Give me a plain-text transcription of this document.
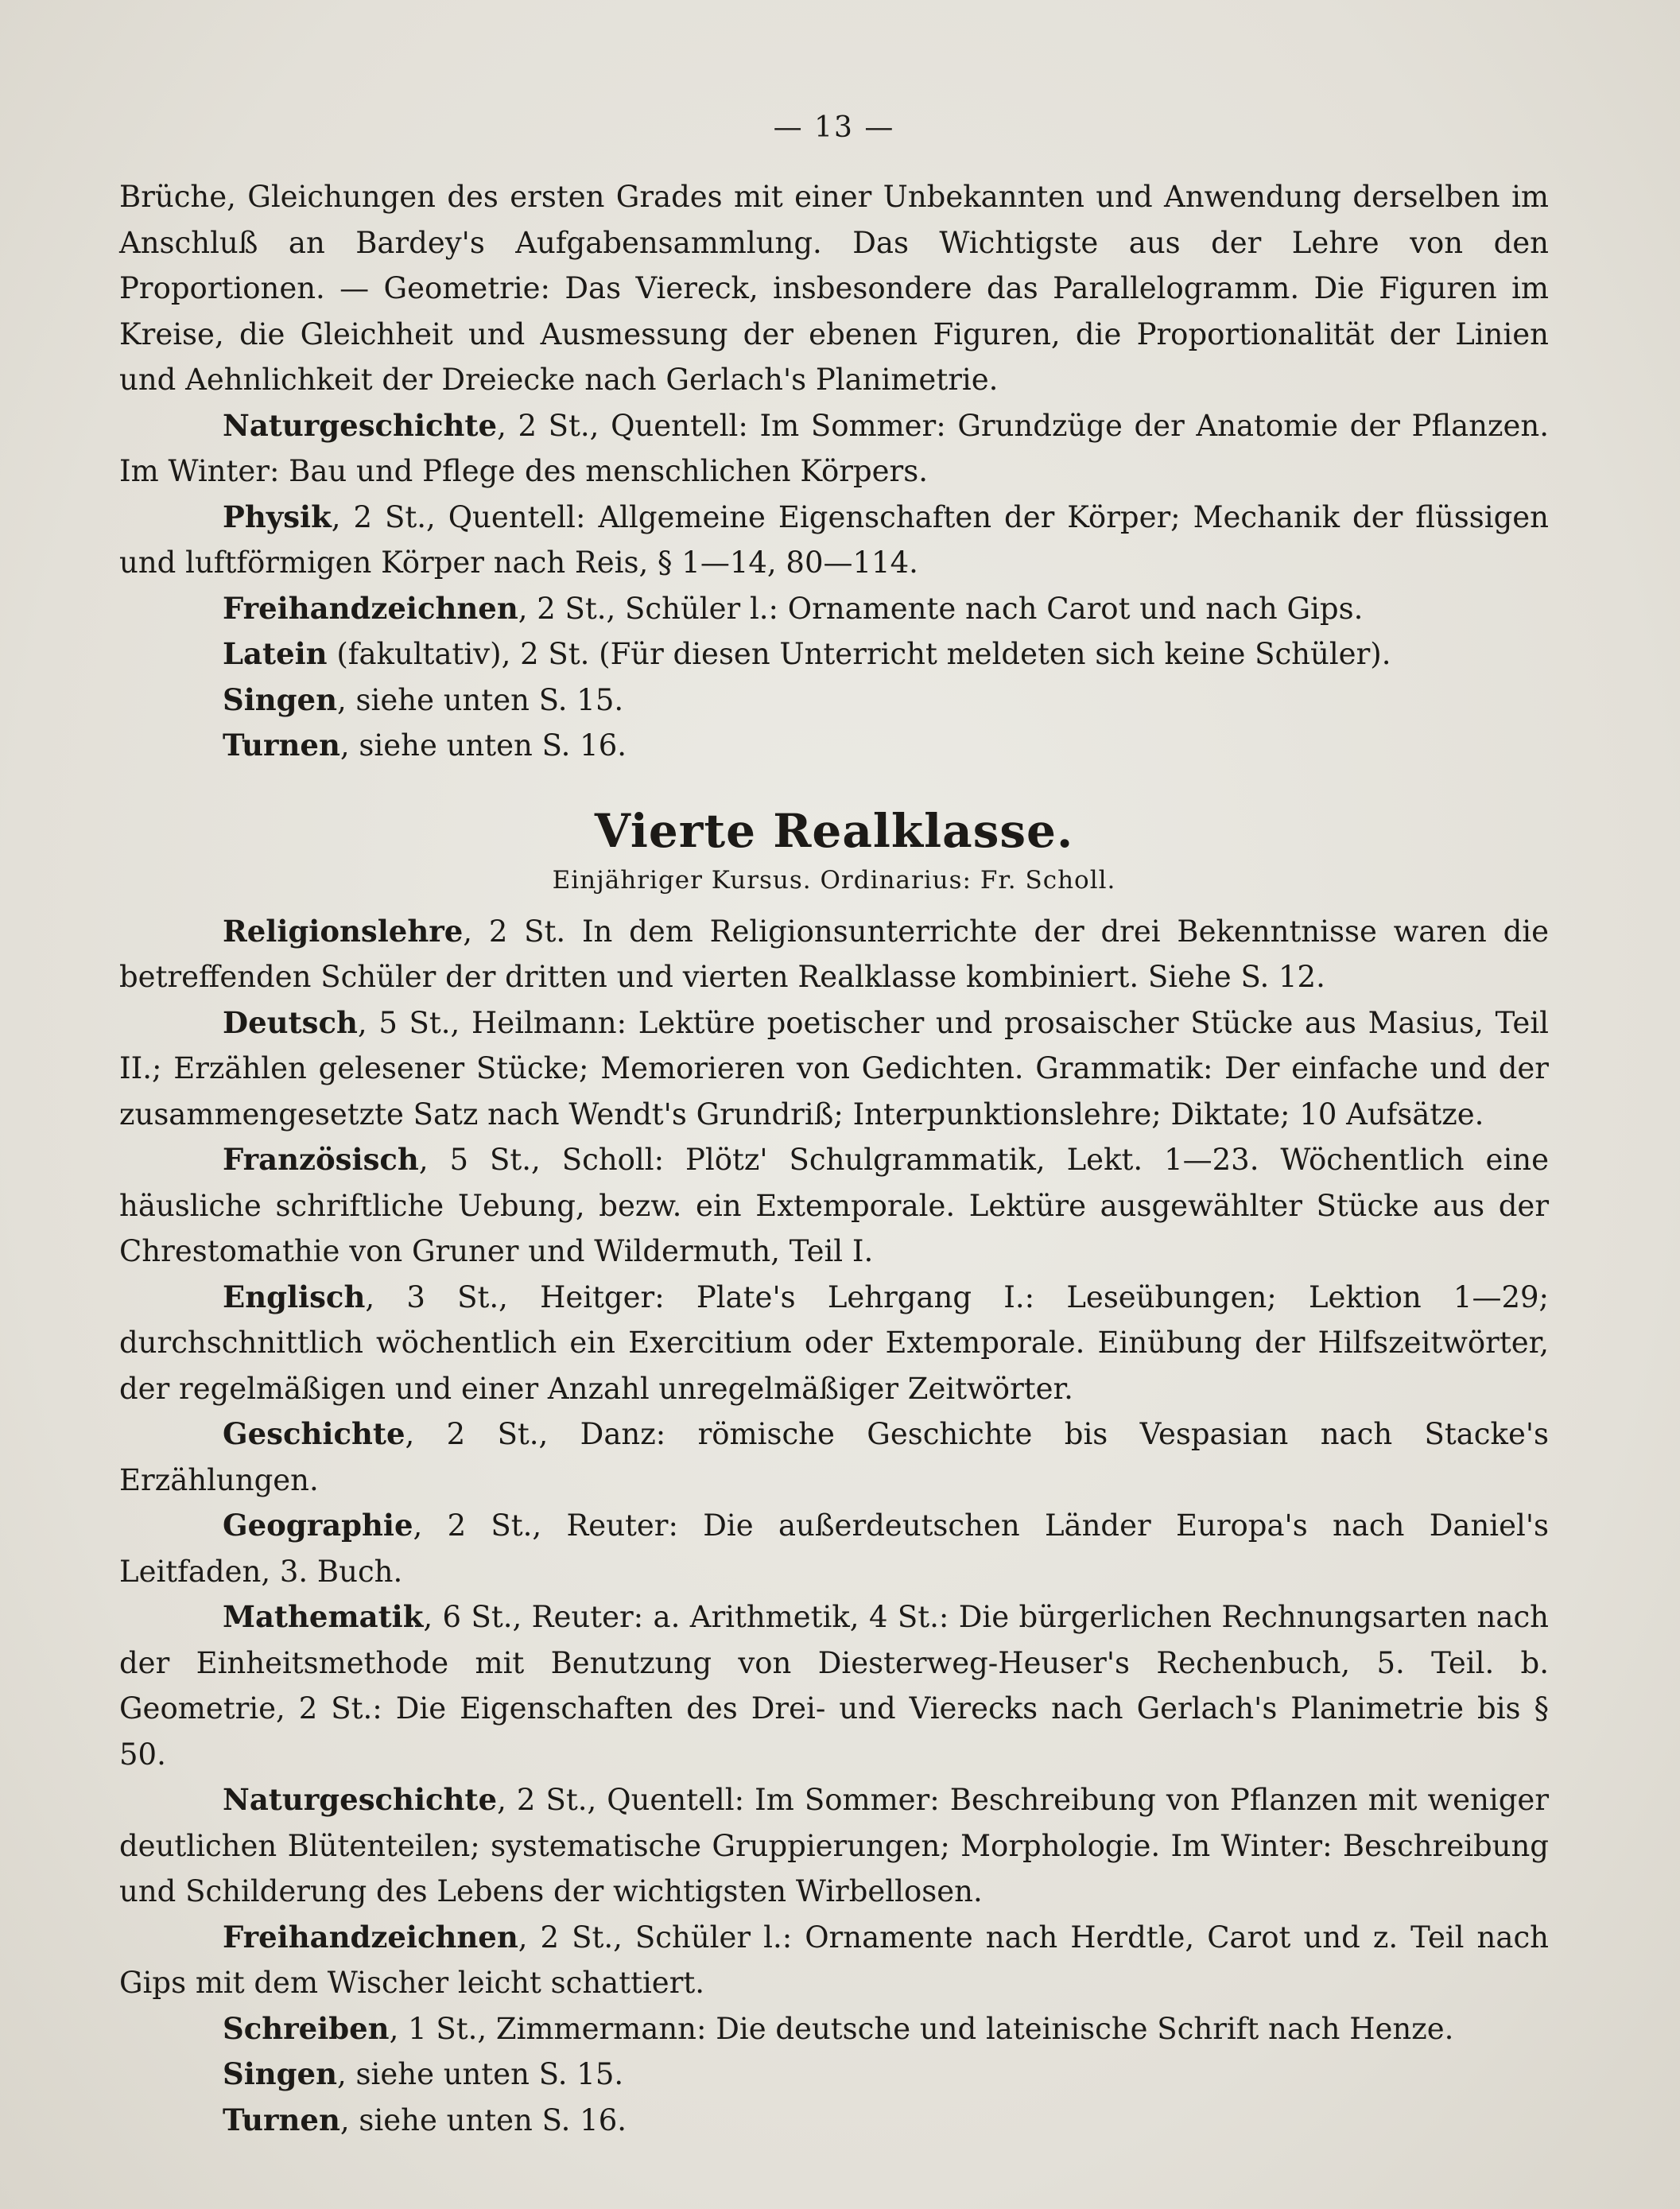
— 13 —

Brüche, Gleichungen des ersten Grades mit einer Unbekannten und Anwendung derselben im Anschluß an Bardey's Aufgabensammlung. Das Wichtigste aus der Lehre von den Proportionen. — Geometrie: Das Viereck, insbesondere das Parallelogramm. Die Figuren im Kreise, die Gleichheit und Ausmessung der ebenen Figuren, die Proportionalität der Linien und Aehnlichkeit der Dreiecke nach Gerlach's Planimetrie.

Naturgeschichte, 2 St., Quentell: Im Sommer: Grundzüge der Anatomie der Pflanzen. Im Winter: Bau und Pflege des menschlichen Körpers.

Physik, 2 St., Quentell: Allgemeine Eigenschaften der Körper; Mechanik der flüssigen und luftförmigen Körper nach Reis, § 1—14, 80—114.

Freihandzeichnen, 2 St., Schüler l.: Ornamente nach Carot und nach Gips.

Latein (fakultativ), 2 St. (Für diesen Unterricht meldeten sich keine Schüler).

Singen, siehe unten S. 15.

Turnen, siehe unten S. 16.

Vierte Realklasse.
Einjähriger Kursus. Ordinarius: Fr. Scholl.

Religionslehre, 2 St. In dem Religionsunterrichte der drei Bekenntnisse waren die betreffenden Schüler der dritten und vierten Realklasse kombiniert. Siehe S. 12.

Deutsch, 5 St., Heilmann: Lektüre poetischer und prosaischer Stücke aus Masius, Teil II.; Erzählen gelesener Stücke; Memorieren von Gedichten. Grammatik: Der einfache und der zusammengesetzte Satz nach Wendt's Grundriß; Interpunktionslehre; Diktate; 10 Aufsätze.

Französisch, 5 St., Scholl: Plötz' Schulgrammatik, Lekt. 1—23. Wöchentlich eine häusliche schriftliche Uebung, bezw. ein Extemporale. Lektüre ausgewählter Stücke aus der Chrestomathie von Gruner und Wildermuth, Teil I.

Englisch, 3 St., Heitger: Plate's Lehrgang I.: Leseübungen; Lektion 1—29; durchschnittlich wöchentlich ein Exercitium oder Extemporale. Einübung der Hilfszeitwörter, der regelmäßigen und einer Anzahl unregelmäßiger Zeitwörter.

Geschichte, 2 St., Danz: römische Geschichte bis Vespasian nach Stacke's Erzählungen.

Geographie, 2 St., Reuter: Die außerdeutschen Länder Europa's nach Daniel's Leitfaden, 3. Buch.

Mathematik, 6 St., Reuter: a. Arithmetik, 4 St.: Die bürgerlichen Rechnungsarten nach der Einheitsmethode mit Benutzung von Diesterweg-Heuser's Rechenbuch, 5. Teil. b. Geometrie, 2 St.: Die Eigenschaften des Drei- und Vierecks nach Gerlach's Planimetrie bis § 50.

Naturgeschichte, 2 St., Quentell: Im Sommer: Beschreibung von Pflanzen mit weniger deutlichen Blütenteilen; systematische Gruppierungen; Morphologie. Im Winter: Beschreibung und Schilderung des Lebens der wichtigsten Wirbellosen.

Freihandzeichnen, 2 St., Schüler l.: Ornamente nach Herdtle, Carot und z. Teil nach Gips mit dem Wischer leicht schattiert.

Schreiben, 1 St., Zimmermann: Die deutsche und lateinische Schrift nach Henze.

Singen, siehe unten S. 15.

Turnen, siehe unten S. 16.
